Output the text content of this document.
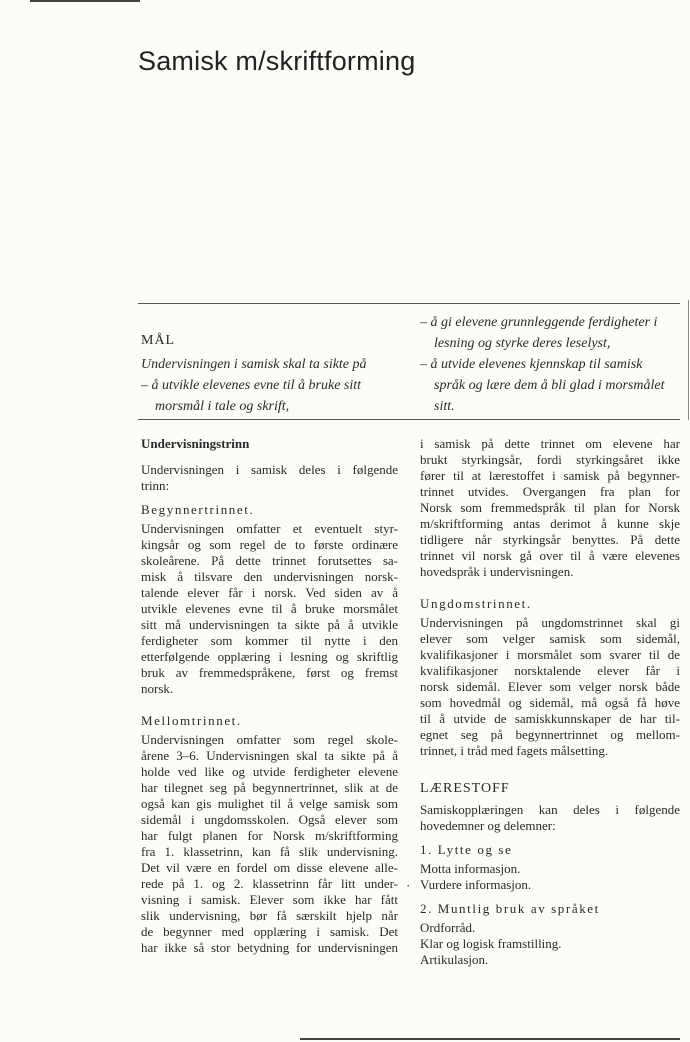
Samisk m/skriftforming
MÅL
Undervisningen i samisk skal ta sikte på
– å utvikle elevenes evne til å bruke sitt
morsmål i tale og skrift,
– å gi elevene grunnleggende ferdigheter i
lesning og styrke deres leselyst,
– å utvide elevenes kjennskap til samisk
språk og lære dem å bli glad i morsmålet
sitt.
Undervisningstrinn
Undervisningen i samisk deles i følgende
trinn:
Begynnertrinnet.
Undervisningen omfatter et eventuelt styr-
kingsår og som regel de to første ordinære
skoleårene. På dette trinnet forutsettes sa-
misk å tilsvare den undervisningen norsk-
talende elever får i norsk. Ved siden av å
utvikle elevenes evne til å bruke morsmålet
sitt må undervisningen ta sikte på å utvikle
ferdigheter som kommer til nytte i den
etterfølgende opplæring i lesning og skriftlig
bruk av fremmedspråkene, først og fremst
norsk.
Mellomtrinnet.
Undervisningen omfatter som regel skole-
årene 3–6. Undervisningen skal ta sikte på å
holde ved like og utvide ferdigheter elevene
har tilegnet seg på begynnertrinnet, slik at de
også kan gis mulighet til å velge samisk som
sidemål i ungdomsskolen. Også elever som
har fulgt planen for Norsk m/skriftforming
fra 1. klassetrinn, kan få slik undervisning.
Det vil være en fordel om disse elevene alle-
rede på 1. og 2. klassetrinn får litt under-
visning i samisk. Elever som ikke har fått
slik undervisning, bør få særskilt hjelp når
de begynner med opplæring i samisk. Det
har ikke så stor betydning for undervisningen
·
i samisk på dette trinnet om elevene har
brukt styrkingsår, fordi styrkingsåret ikke
fører til at lærestoffet i samisk på begynner-
trinnet utvides. Overgangen fra plan for
Norsk som fremmedspråk til plan for Norsk
m/skriftforming antas derimot å kunne skje
tidligere når styrkingsår benyttes. På dette
trinnet vil norsk gå over til å være elevenes
hovedspråk i undervisningen.
Ungdomstrinnet.
Undervisningen på ungdomstrinnet skal gi
elever som velger samisk som sidemål,
kvalifikasjoner i morsmålet som svarer til de
kvalifikasjoner norsktalende elever får i
norsk sidemål. Elever som velger norsk både
som hovedmål og sidemål, må også få høve
til å utvide de samiskkunnskaper de har til-
egnet seg på begynnertrinnet og mellom-
trinnet, i tråd med fagets målsetting.
LÆRESTOFF
Samiskopplæringen kan deles i følgende
hovedemner og delemner:
1. Lytte og se
Motta informasjon.
Vurdere informasjon.
2. Muntlig bruk av språket
Ordforråd.
Klar og logisk framstilling.
Artikulasjon.
